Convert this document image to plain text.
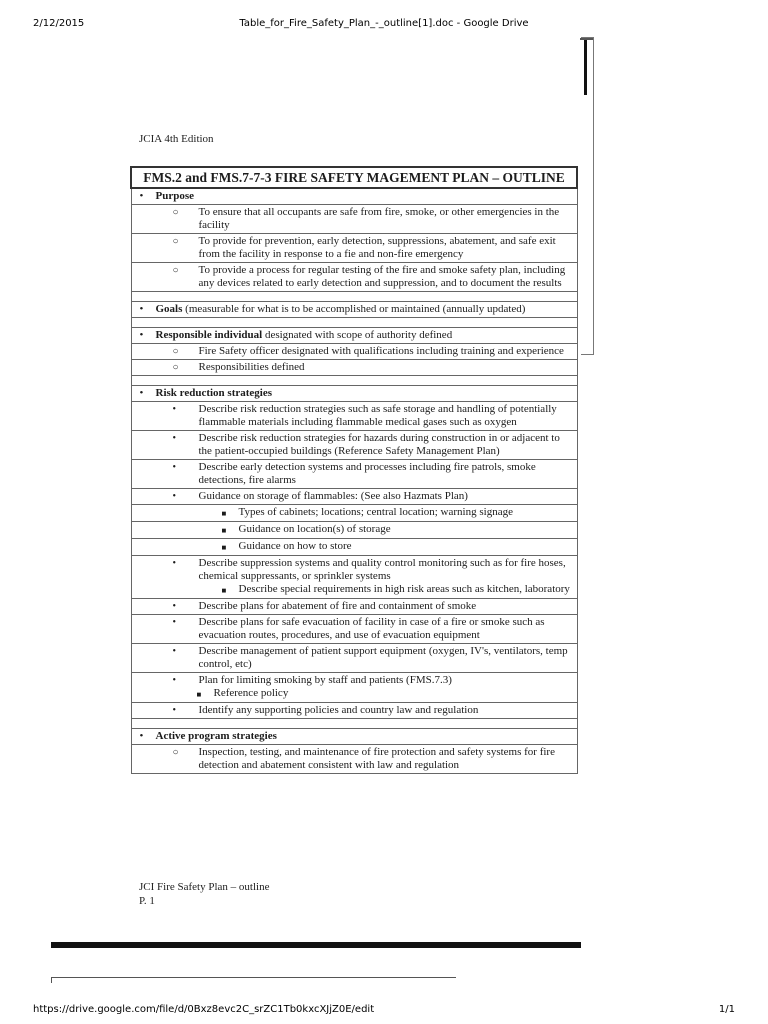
2/12/2015	Table_for_Fire_Safety_Plan_-_outline[1].doc - Google Drive
JCIA 4th Edition
FMS.2 and FMS.7-7-3 FIRE SAFETY MAGEMENT PLAN – OUTLINE

•	Purpose

○	To ensure that all occupants are safe from fire, smoke, or other emergencies in the facility

○	To provide for prevention, early detection, suppressions, abatement, and safe exit from the facility in response to a fie and non-fire emergency

○	To provide a process for regular testing of the fire and smoke safety plan, including any devices related to early detection and suppression, and to document the results

•	Goals (measurable for what is to be accomplished or maintained (annually updated)

•	Responsible individual designated with scope of authority defined

○	Fire Safety officer designated with qualifications including training and experience

○	Responsibilities defined

•	Risk reduction strategies

•	Describe risk reduction strategies such as safe storage and handling of potentially flammable materials including flammable medical gases such as oxygen

•	Describe risk reduction strategies for hazards during construction in or adjacent to the patient-occupied buildings (Reference Safety Management Plan)

•	Describe early detection systems and processes including fire patrols, smoke detections, fire alarms

•	Guidance on storage of flammables: (See also Hazmats Plan)

■	Types of cabinets; locations; central location; warning signage

■	Guidance on location(s) of storage

■	Guidance on how to store

•	Describe suppression systems and quality control monitoring such as for fire hoses, chemical suppressants, or sprinkler systems
■	Describe special requirements in high risk areas such as kitchen, laboratory

•	Describe plans for abatement of fire and containment of smoke

•	Describe plans for safe evacuation of facility in case of a fire or smoke such as evacuation routes, procedures, and use of evacuation equipment

•	Describe management of patient support equipment (oxygen, IV's, ventilators, temp control, etc)

•	Plan for limiting smoking by staff and patients (FMS.7.3)
■	Reference policy

•	Identify any supporting policies and country law and regulation

•	Active program strategies

○	Inspection, testing, and maintenance of fire protection and safety systems for fire detection and abatement consistent with law and regulation
JCI Fire Safety Plan – outline
P. 1
https://drive.google.com/file/d/0Bxz8evc2C_srZC1Tb0kxcXJjZ0E/edit	1/1
